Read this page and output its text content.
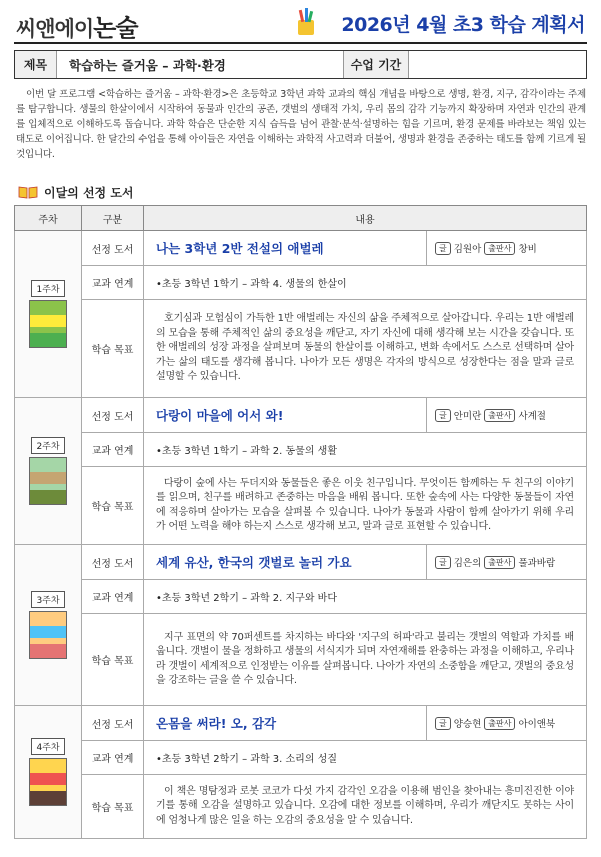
씨앤에이논술	2026년 4월 초3 학습 계획서
제목	학습하는 즐거움 – 과학·환경	수업 기간
이번 달 프로그램 <학습하는 즐거움 – 과학·환경>은 초등학교 3학년 과학 교과의 핵심 개념을 바탕으로 생명, 환경, 지구, 감각이라는 주제를 탐구합니다. 생물의 한살이에서 시작하여 동물과 인간의 공존, 갯벌의 생태적 가치, 우리 몸의 감각 기능까지 확장하며 자연과 인간의 관계를 입체적으로 이해하도록 돕습니다. 과학 학습은 단순한 지식 습득을 넘어 관찰·분석·설명하는 힘을 기르며, 환경 문제를 바라보는 책임 있는 태도로 이어집니다. 한 달간의 수업을 통해 아이들은 자연을 이해하는 과학적 사고력과 더불어, 생명과 환경을 존중하는 태도를 함께 기르게 될 것입니다.
이달의 선정 도서
주차	구분	내용
1주차	선정 도서	나는 3학년 2반 전설의 애벌레 글 김원아 출판사 창비

	교과 연계	•초등 3학년 1학기 – 과학 4. 생물의 한살이
	학습 목표	호기심과 모험심이 가득한 1반 애벌레는 자신의 삶을 주체적으로 살아갑니다. 우리는 1반 애벌레의 모습을 통해 주체적인 삶의 중요성을 깨닫고, 자기 자신에 대해 생각해 보는 시간을 갖습니다. 또한 애벌레의 성장 과정을 살펴보며 동물의 한살이를 이해하고, 변화 속에서도 스스로 선택하며 살아가는 삶의 태도를 생각해 봅니다. 나아가 모든 생명은 각자의 방식으로 성장한다는 점을 말과 글로 설명할 수 있습니다.
2주차	선정 도서	다랑이 마을에 어서 와! 글 안미란 출판사 사계절

	교과 연계	•초등 3학년 1학기 – 과학 2. 동물의 생활
	학습 목표	다랑이 숲에 사는 두더지와 동물들은 좋은 이웃 친구입니다. 무엇이든 함께하는 두 친구의 이야기를 읽으며, 친구를 배려하고 존중하는 마음을 배워 봅니다. 또한 숲속에 사는 다양한 동물들이 자연에 적응하며 살아가는 모습을 살펴볼 수 있습니다. 나아가 동물과 사람이 함께 살아가기 위해 우리가 어떤 노력을 해야 하는지 스스로 생각해 보고, 말과 글로 표현할 수 있습니다.
3주차	선정 도서	세계 유산, 한국의 갯벌로 놀러 가요 글 김은의 출판사 풀과바람

	교과 연계	•초등 3학년 2학기 – 과학 2. 지구와 바다
	학습 목표	지구 표면의 약 70퍼센트를 차지하는 바다와 '지구의 허파'라고 불리는 갯벌의 역할과 가치를 배웁니다. 갯벌이 물을 정화하고 생물의 서식지가 되며 자연재해를 완충하는 과정을 이해하고, 우리나라 갯벌이 세계적으로 인정받는 이유를 살펴봅니다. 나아가 자연의 소중함을 깨닫고, 갯벌의 중요성을 강조하는 글을 쓸 수 있습니다.
4주차	선정 도서	온몸을 써라! 오, 감각 글 양승현 출판사 아이앤북

	교과 연계	•초등 3학년 2학기 – 과학 3. 소리의 성질
	학습 목표	이 책은 명탐정과 로봇 코코가 다섯 가지 감각인 오감을 이용해 범인을 찾아내는 흥미진진한 이야기를 통해 오감을 설명하고 있습니다. 오감에 대한 정보를 이해하며, 우리가 깨닫지도 못하는 사이에 엄청나게 많은 일을 하는 오감의 중요성을 알 수 있습니다.
